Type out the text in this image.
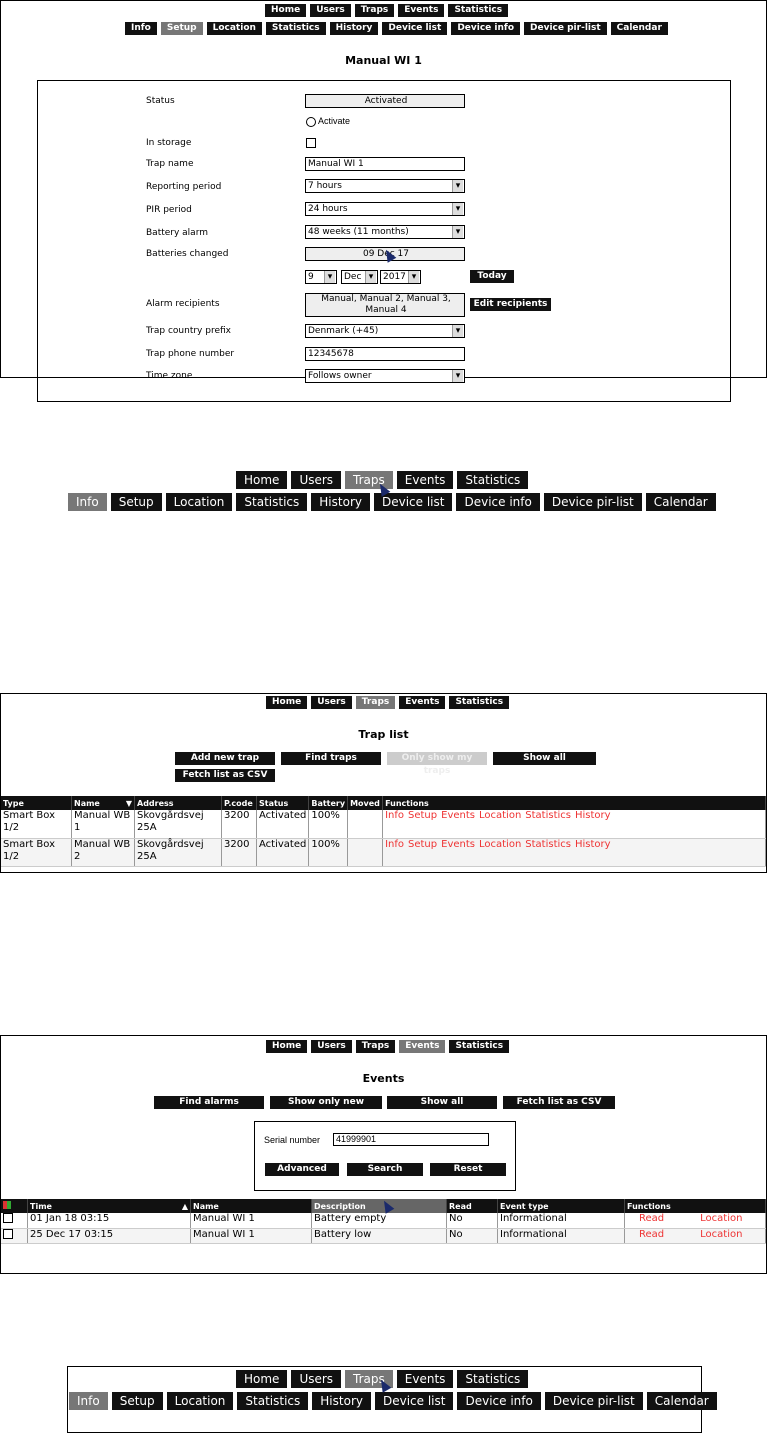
Home	Users	Traps	Events	Statistics
Info	Setup	Location	Statistics	History	Device list	Device info	Device pir-list	Calendar
Manual WI 1
Status	Activated
Activate
In storage
Trap name	Manual WI 1
Reporting period	7 hours ▾
PIR period	24 hours ▾
Battery alarm	48 weeks (11 months) ▾
Batteries changed	09 Dec 17
9 ▾	Dec ▾	2017 ▾	Today
Alarm recipients	Manual, Manual 2, Manual 3, Manual 4
Edit recipients
Trap country prefix	Denmark (+45) ▾
Trap phone number	12345678
Time zone	Follows owner ▾
Home	Users	Traps	Events	Statistics
Info	Setup	Location	Statistics	History	Device list	Device info	Device pir-list	Calendar
Home	Users	Traps	Events	Statistics
Trap list
Add new trap	Find traps	Only show my traps
Show all
Fetch list as CSV
Type	Name ▼	Address	P.code	Status	Battery	Moved	Functions
Smart Box 1/2	Manual WB 1	Skovgårdsvej 25A	3200	Activated	100%		Info Setup Events Location Statistics History
Smart Box 1/2	Manual WB 2	Skovgårdsvej 25A	3200	Activated	100%		Info Setup Events Location Statistics History
Home	Users	Traps	Events	Statistics
Events
Find alarms	Show only new alarms
Show all	Fetch list as CSV
Serial number	41999901
Advanced	Search	Reset
	Time ▲	Name	Description	Read	Event type	Functions
	01 Jan 18 03:15	Manual WI 1	Battery empty	No	Informational	Read Location
	25 Dec 17 03:15	Manual WI 1	Battery low	No	Informational	Read Location
Home	Users	Traps	Events	Statistics
Info	Setup	Location	Statistics	History	Device list	Device info	Device pir-list	Calendar
